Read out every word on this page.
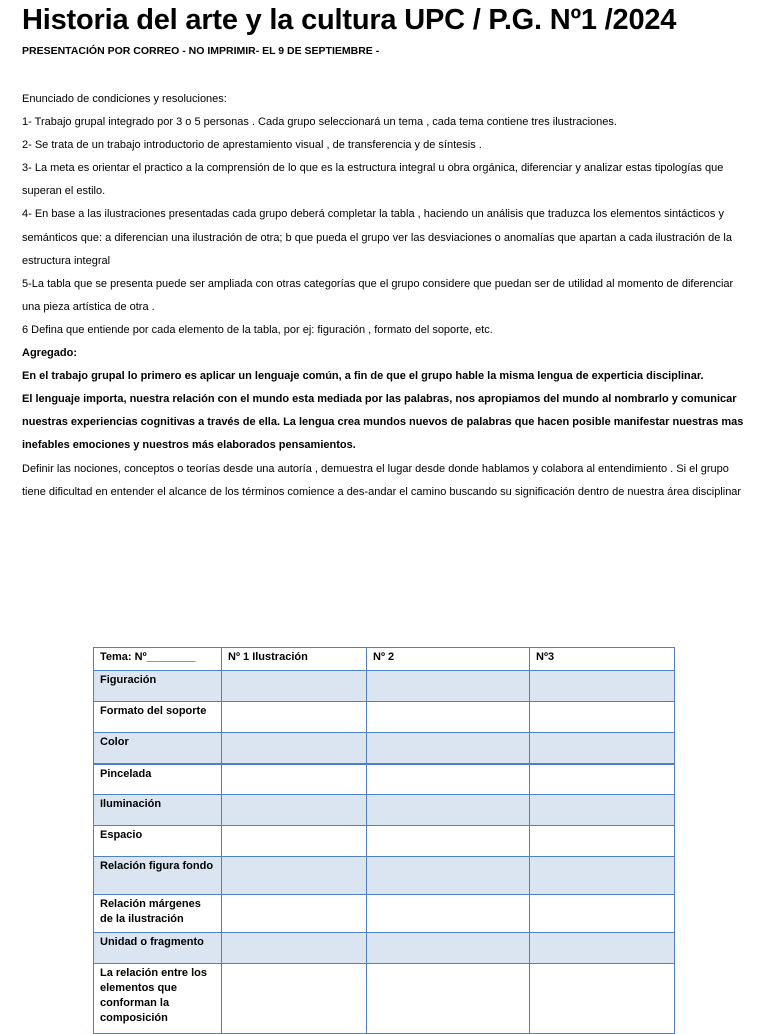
Historia del arte y la cultura UPC / P.G. Nº1 /2024
PRESENTACIÓN POR CORREO - NO IMPRIMIR- EL 9 DE SEPTIEMBRE -

Enunciado de condiciones y resoluciones:

1- Trabajo grupal integrado por 3 o 5 personas . Cada grupo seleccionará un tema , cada tema contiene tres ilustraciones.

2- Se trata de un trabajo introductorio de aprestamiento visual , de transferencia y de síntesis .

3- La meta es orientar el practico a la comprensión de lo que es la estructura integral u obra orgánica, diferenciar y analizar estas tipologías que superan el estilo.

4- En base a las ilustraciones presentadas cada grupo deberá completar la tabla , haciendo un análisis que traduzca los elementos sintácticos y semánticos que: a diferencian una ilustración de otra; b que pueda el grupo ver las desviaciones o anomalías que apartan a cada ilustración de la estructura integral

5-La tabla que se presenta puede ser ampliada con otras categorías que el grupo considere que puedan ser de utilidad al momento de diferenciar una pieza artística de otra .

6 Defina que entiende por cada elemento de la tabla, por ej: figuración , formato del soporte, etc.

Agregado:

En el trabajo grupal lo primero es aplicar un lenguaje común, a fin de que el grupo hable la misma lengua de experticia disciplinar.

El lenguaje importa, nuestra relación con el mundo esta mediada por las palabras, nos apropiamos del mundo al nombrarlo y comunicar nuestras experiencias cognitivas a través de ella. La lengua crea mundos nuevos de palabras que hacen posible manifestar nuestras mas inefables emociones y nuestros más elaborados pensamientos.

Definir las nociones, conceptos o teorías desde una autoría , demuestra el lugar desde donde hablamos y colabora al entendimiento . Si el grupo tiene dificultad en entender el alcance de los términos comience a des-andar el camino buscando su significación dentro de nuestra área disciplinar

Tema: Nº________	Nº 1 Ilustración	Nº 2	Nº3
Figuración			
Formato del soporte			
Color			
Pincelada			
Iluminación			
Espacio			
Relación figura fondo			
Relación márgenes de la ilustración			
Unidad o fragmento			
La relación entre los elementos que conforman la composición			
